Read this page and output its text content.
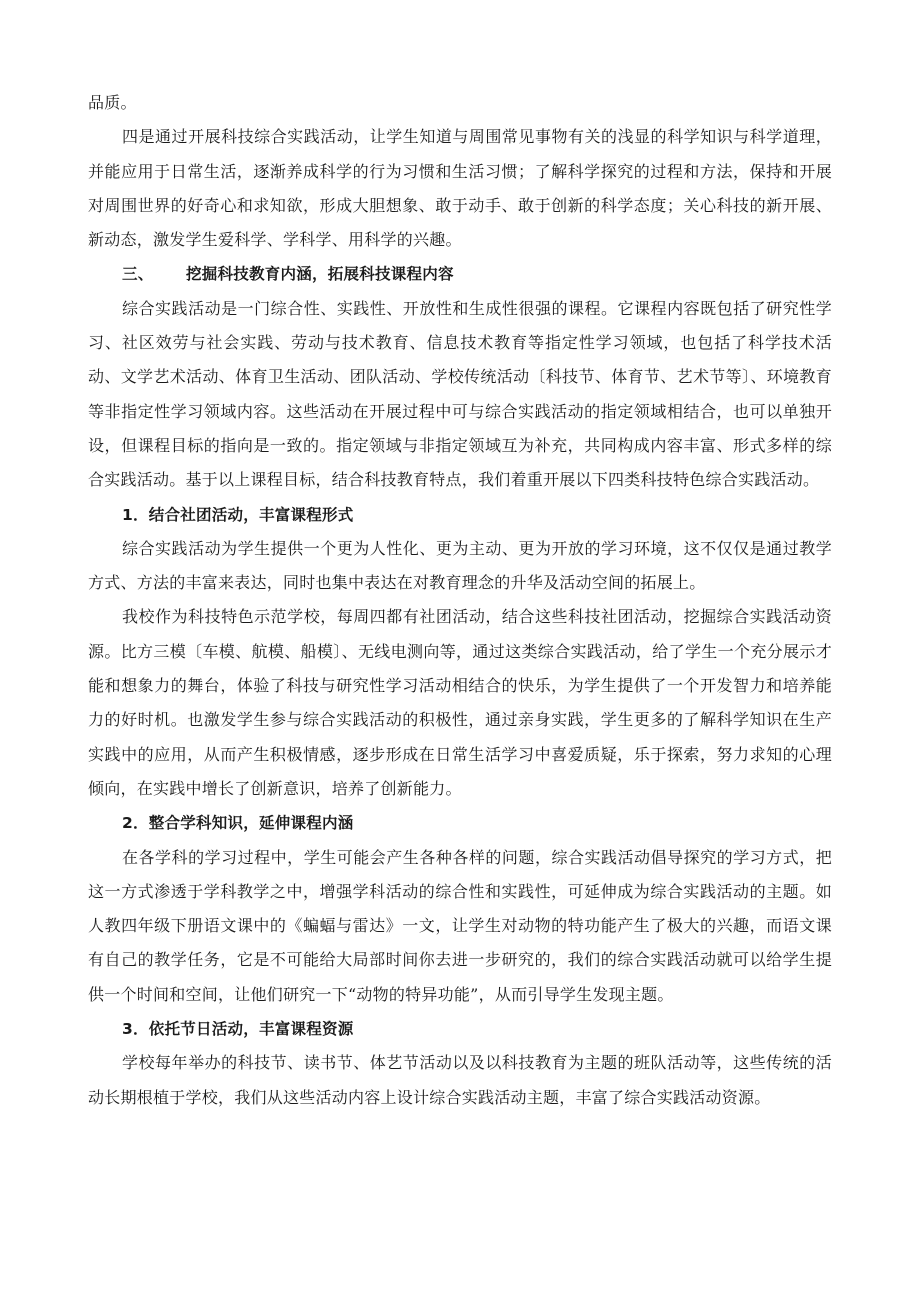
品质。

四是通过开展科技综合实践活动，让学生知道与周围常见事物有关的浅显的科学知识与科学道理，并能应用于日常生活，逐渐养成科学的行为习惯和生活习惯；了解科学探究的过程和方法，保持和开展对周围世界的好奇心和求知欲，形成大胆想象、敢于动手、敢于创新的科学态度；关心科技的新开展、新动态，激发学生爱科学、学科学、用科学的兴趣。

三、 挖掘科技教育内涵，拓展科技课程内容

综合实践活动是一门综合性、实践性、开放性和生成性很强的课程。它课程内容既包括了研究性学习、社区效劳与社会实践、劳动与技术教育、信息技术教育等指定性学习领域，也包括了科学技术活动、文学艺术活动、体育卫生活动、团队活动、学校传统活动〔科技节、体育节、艺术节等〕、环境教育等非指定性学习领域内容。这些活动在开展过程中可与综合实践活动的指定领域相结合，也可以单独开设，但课程目标的指向是一致的。指定领域与非指定领域互为补充，共同构成内容丰富、形式多样的综合实践活动。基于以上课程目标，结合科技教育特点，我们着重开展以下四类科技特色综合实践活动。

1．结合社团活动，丰富课程形式

综合实践活动为学生提供一个更为人性化、更为主动、更为开放的学习环境，这不仅仅是通过教学方式、方法的丰富来表达，同时也集中表达在对教育理念的升华及活动空间的拓展上。

我校作为科技特色示范学校，每周四都有社团活动，结合这些科技社团活动，挖掘综合实践活动资源。比方三模〔车模、航模、船模〕、无线电测向等，通过这类综合实践活动，给了学生一个充分展示才能和想象力的舞台，体验了科技与研究性学习活动相结合的快乐，为学生提供了一个开发智力和培养能力的好时机。也激发学生参与综合实践活动的积极性，通过亲身实践，学生更多的了解科学知识在生产实践中的应用，从而产生积极情感，逐步形成在日常生活学习中喜爱质疑，乐于探索，努力求知的心理倾向，在实践中增长了创新意识，培养了创新能力。

2．整合学科知识，延伸课程内涵

在各学科的学习过程中，学生可能会产生各种各样的问题，综合实践活动倡导探究的学习方式，把这一方式渗透于学科教学之中，增强学科活动的综合性和实践性，可延伸成为综合实践活动的主题。如人教四年级下册语文课中的《蝙蝠与雷达》一文，让学生对动物的特功能产生了极大的兴趣，而语文课有自己的教学任务，它是不可能给大局部时间你去进一步研究的，我们的综合实践活动就可以给学生提供一个时间和空间，让他们研究一下“动物的特异功能”，从而引导学生发现主题。

3．依托节日活动，丰富课程资源

学校每年举办的科技节、读书节、体艺节活动以及以科技教育为主题的班队活动等，这些传统的活动长期根植于学校，我们从这些活动内容上设计综合实践活动主题，丰富了综合实践活动资源。
